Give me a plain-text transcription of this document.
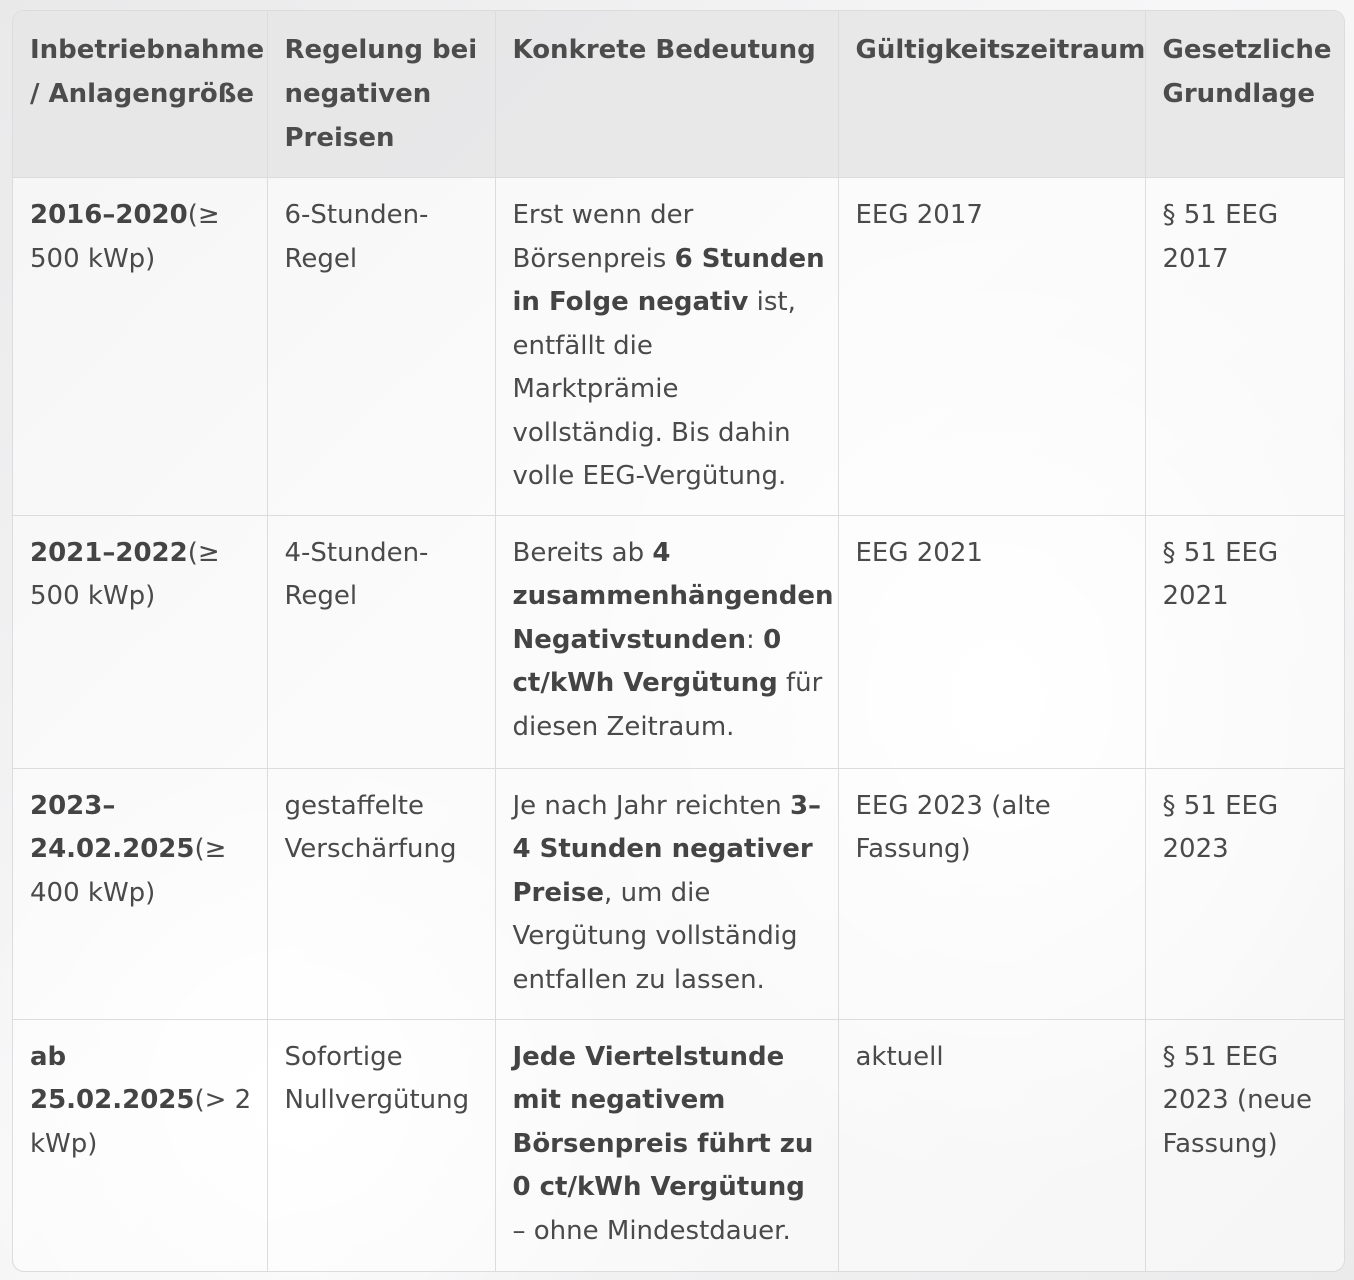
Inbetriebnahme / Anlagengröße	Regelung bei negativen Preisen	Konkrete Bedeutung	Gültigkeitszeitraum	Gesetzliche Grundlage
2016–2020(≥ 500 kWp)	6-Stunden-Regel	Erst wenn der Börsenpreis 6 Stunden in Folge negativ ist, entfällt die Marktprämie vollständig. Bis dahin volle EEG-Vergütung.	EEG 2017	§ 51 EEG 2017
2021–2022(≥ 500 kWp)	4-Stunden-Regel	Bereits ab 4 zusammenhängenden Negativstunden: 0 ct/kWh Vergütung für diesen Zeitraum.	EEG 2021	§ 51 EEG 2021
2023–24.02.2025(≥ 400 kWp)	gestaffelte Verschärfung	Je nach Jahr reichten 3–4 Stunden negativer Preise, um die Vergütung vollständig entfallen zu lassen.	EEG 2023 (alte Fassung)	§ 51 EEG 2023
ab 25.02.2025(> 2 kWp)	Sofortige Nullvergütung	Jede Viertelstunde mit negativem Börsenpreis führt zu 0 ct/kWh Vergütung – ohne Mindestdauer.	aktuell	§ 51 EEG 2023 (neue Fassung)
